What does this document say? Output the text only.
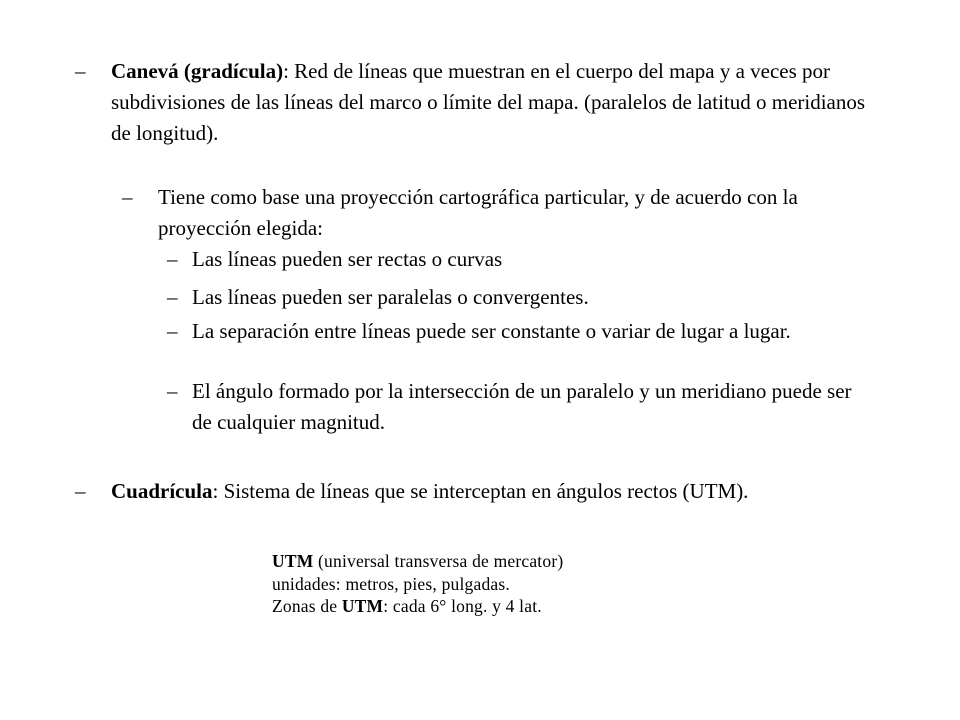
– Canevá (gradícula): Red de líneas que muestran en el cuerpo del mapa y a veces por subdivisiones de las líneas del marco o límite del mapa. (paralelos de latitud o meridianos de longitud).
– Tiene como base una proyección cartográfica particular, y de acuerdo con la proyección elegida:
– Las líneas pueden ser rectas o curvas
– Las líneas pueden ser paralelas o convergentes.
– La separación entre líneas puede ser constante o variar de lugar a lugar.
– El ángulo formado por la intersección de un paralelo y un meridiano puede ser de cualquier magnitud.
– Cuadrícula: Sistema de líneas que se interceptan en ángulos rectos (UTM).
UTM (universal transversa de mercator)
unidades: metros, pies, pulgadas.
Zonas de UTM: cada 6° long. y 4 lat.
